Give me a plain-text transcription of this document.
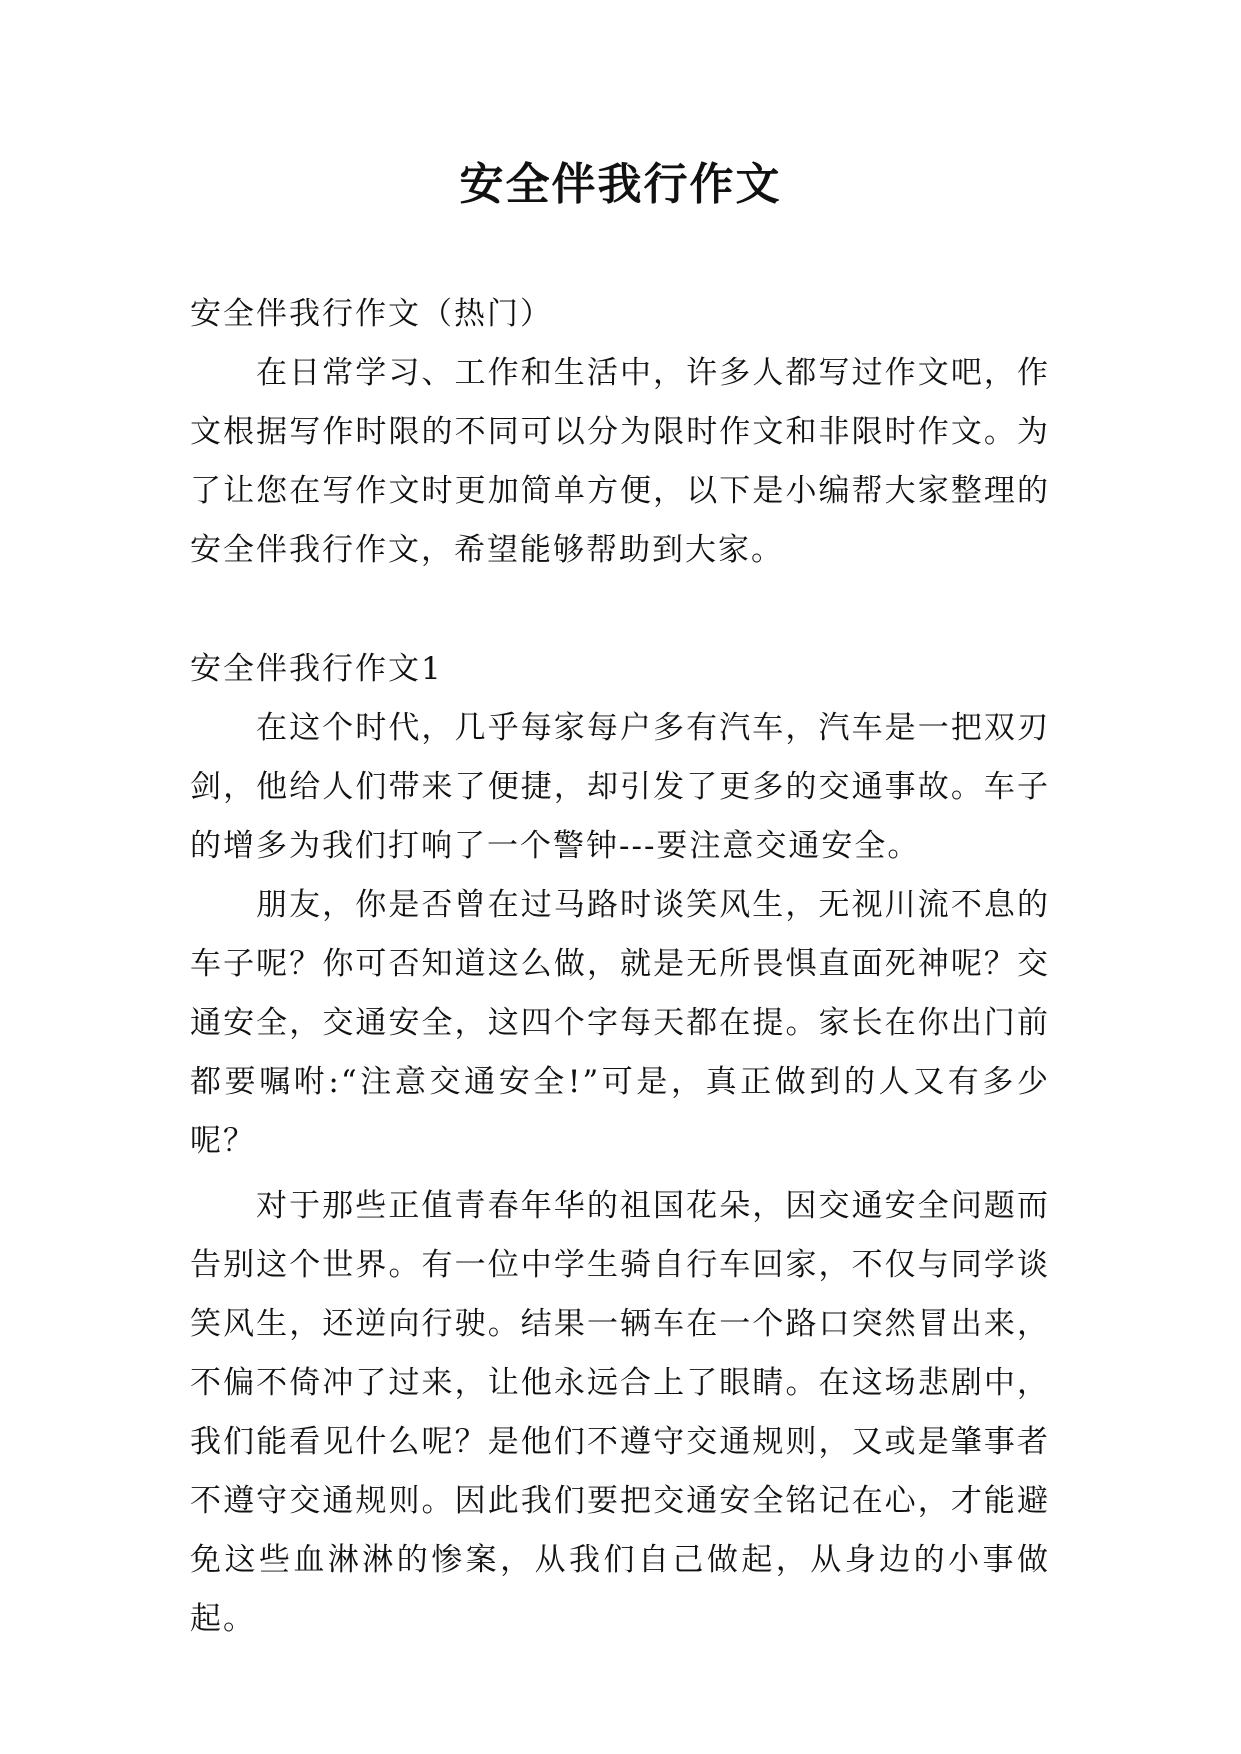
安全伴我行作文

安全伴我行作文（热门）

在日常学习、工作和生活中，许多人都写过作文吧，作文根据写作时限的不同可以分为限时作文和非限时作文。为了让您在写作文时更加简单方便，以下是小编帮大家整理的安全伴我行作文，希望能够帮助到大家。

安全伴我行作文1

在这个时代，几乎每家每户多有汽车，汽车是一把双刃剑，他给人们带来了便捷，却引发了更多的交通事故。车子的增多为我们打响了一个警钟---要注意交通安全。

朋友，你是否曾在过马路时谈笑风生，无视川流不息的车子呢？你可否知道这么做，就是无所畏惧直面死神呢？交通安全，交通安全，这四个字每天都在提。家长在你出门前都要嘱咐:“注意交通安全!”可是，真正做到的人又有多少呢？

对于那些正值青春年华的祖国花朵，因交通安全问题而告别这个世界。有一位中学生骑自行车回家，不仅与同学谈笑风生，还逆向行驶。结果一辆车在一个路口突然冒出来，不偏不倚冲了过来，让他永远合上了眼睛。在这场悲剧中，我们能看见什么呢？是他们不遵守交通规则，又或是肇事者不遵守交通规则。因此我们要把交通安全铭记在心，才能避免这些血淋淋的惨案，从我们自己做起，从身边的小事做起。
